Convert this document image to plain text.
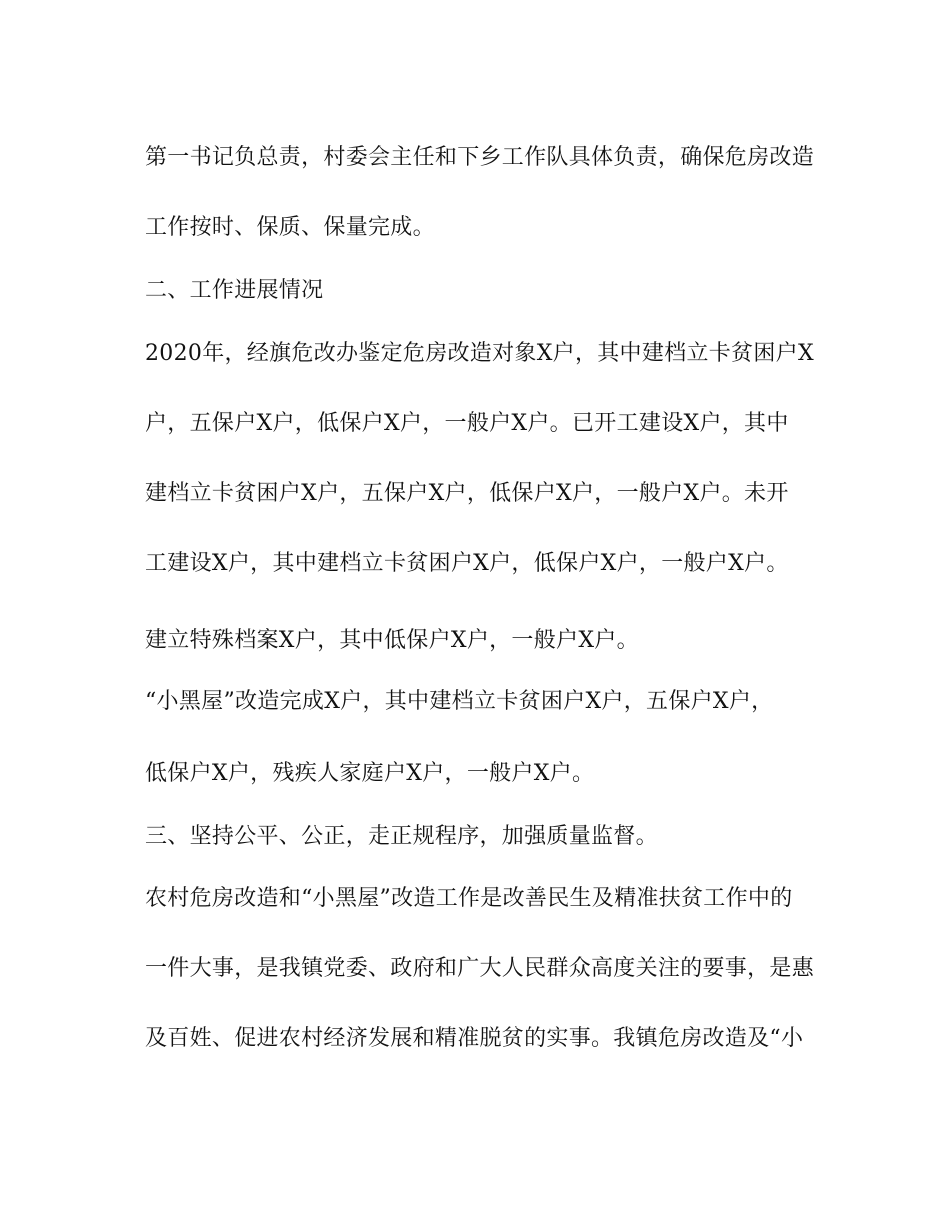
第一书记负总责，村委会主任和下乡工作队具体负责，确保危房改造
工作按时、保质、保量完成。
二、工作进展情况
2020年，经旗危改办鉴定危房改造对象X户，其中建档立卡贫困户X
户，五保户X户，低保户X户，一般户X户。已开工建设X户，其中
建档立卡贫困户X户，五保户X户，低保户X户，一般户X户。未开
工建设X户，其中建档立卡贫困户X户，低保户X户，一般户X户。
建立特殊档案X户，其中低保户X户，一般户X户。
“小黑屋”改造完成X户，其中建档立卡贫困户X户，五保户X户，
低保户X户，残疾人家庭户X户，一般户X户。
三、坚持公平、公正，走正规程序，加强质量监督。
农村危房改造和“小黑屋”改造工作是改善民生及精准扶贫工作中的
一件大事，是我镇党委、政府和广大人民群众高度关注的要事，是惠
及百姓、促进农村经济发展和精准脱贫的实事。我镇危房改造及“小
